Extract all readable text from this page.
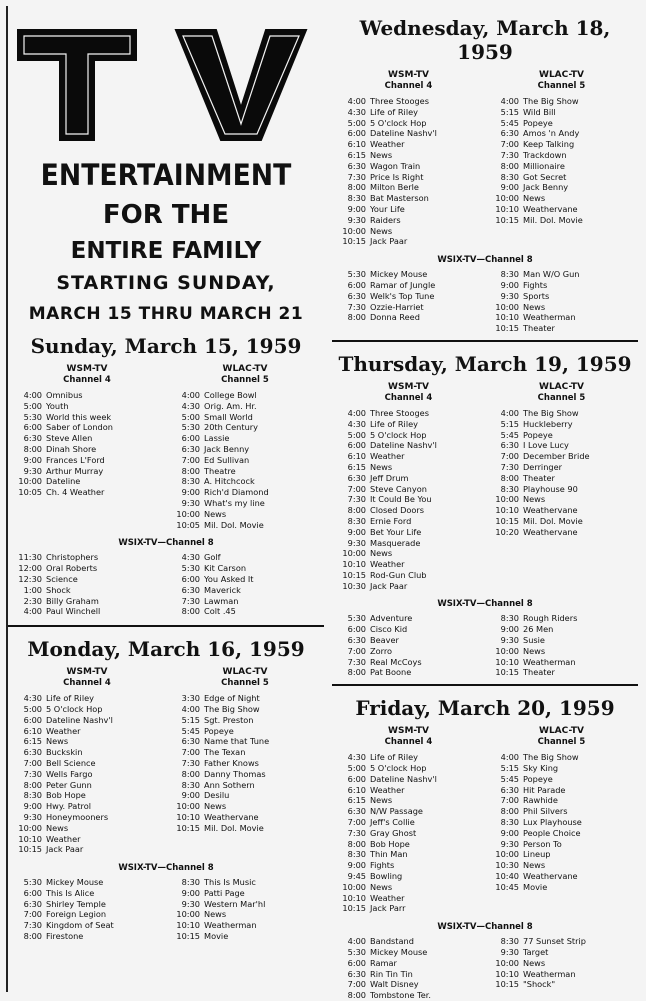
ENTERTAINMENT
FOR THE
ENTIRE FAMILY
STARTING SUNDAY,
MARCH 15 THRU MARCH 21
Sunday, March 15, 1959
WSM-TV
Channel 4
4:00 Omnibus
5:00 Youth
5:30 World this week
6:00 Saber of London
6:30 Steve Allen
8:00 Dinah Shore
9:00 Frances L'Ford
9:30 Arthur Murray
10:00 Dateline
10:05 Ch. 4 Weather
WLAC-TV
Channel 5
4:00 College Bowl
4:30 Orig. Am. Hr.
5:00 Small World
5:30 20th Century
6:00 Lassie
6:30 Jack Benny
7:00 Ed Sullivan
8:00 Theatre
8:30 A. Hitchcock
9:00 Rich'd Diamond
9:30 What's my line
10:00 News
10:05 Mil. Dol. Movie
WSIX-TV—Channel 8
11:30 Christophers
12:00 Oral Roberts
12:30 Science
1:00 Shock
2:30 Billy Graham
4:00 Paul Winchell
4:30 Golf
5:30 Kit Carson
6:00 You Asked It
6:30 Maverick
7:30 Lawman
8:00 Colt .45
Monday, March 16, 1959
WSM-TV
Channel 4
4:30 Life of Riley
5:00 5 O'clock Hop
6:00 Dateline Nashv'l
6:10 Weather
6:15 News
6:30 Buckskin
7:00 Bell Science
7:30 Wells Fargo
8:00 Peter Gunn
8:30 Bob Hope
9:00 Hwy. Patrol
9:30 Honeymooners
10:00 News
10:10 Weather
10:15 Jack Paar
WLAC-TV
Channel 5
3:30 Edge of Night
4:00 The Big Show
5:15 Sgt. Preston
5:45 Popeye
6:30 Name that Tune
7:00 The Texan
7:30 Father Knows
8:00 Danny Thomas
8:30 Ann Sothern
9:00 Desilu
10:00 News
10:10 Weathervane
10:15 Mil. Dol. Movie
WSIX-TV—Channel 8
5:30 Mickey Mouse
6:00 This Is Alice
6:30 Shirley Temple
7:00 Foreign Legion
7:30 Kingdom of Seat
8:00 Firestone
8:30 This Is Music
9:00 Patti Page
9:30 Western Mar'hl
10:00 News
10:10 Weatherman
10:15 Movie
Wednesday, March 18, 1959
WSM-TV
Channel 4
4:00 Three Stooges
4:30 Life of Riley
5:00 5 O'clock Hop
6:00 Dateline Nashv'l
6:10 Weather
6:15 News
6:30 Wagon Train
7:30 Price Is Right
8:00 Milton Berle
8:30 Bat Masterson
9:00 Your Life
9:30 Raiders
10:00 News
10:15 Jack Paar
WLAC-TV
Channel 5
4:00 The Big Show
5:15 Wild Bill
5:45 Popeye
6:30 Amos 'n Andy
7:00 Keep Talking
7:30 Trackdown
8:00 Millionaire
8:30 Got Secret
9:00 Jack Benny
10:00 News
10:10 Weathervane
10:15 Mil. Dol. Movie
WSIX-TV—Channel 8
5:30 Mickey Mouse
6:00 Ramar of Jungle
6:30 Welk's Top Tune
7:30 Ozzie-Harriet
8:00 Donna Reed
8:30 Man W/O Gun
9:00 Fights
9:30 Sports
10:00 News
10:10 Weatherman
10:15 Theater
Thursday, March 19, 1959
WSM-TV
Channel 4
4:00 Three Stooges
4:30 Life of Riley
5:00 5 O'clock Hop
6:00 Dateline Nashv'l
6:10 Weather
6:15 News
6:30 Jeff Drum
7:00 Steve Canyon
7:30 It Could Be You
8:00 Closed Doors
8:30 Ernie Ford
9:00 Bet Your Life
9:30 Masquerade
10:00 News
10:10 Weather
10:15 Rod-Gun Club
10:30 Jack Paar
WLAC-TV
Channel 5
4:00 The Big Show
5:15 Huckleberry
5:45 Popeye
6:30 I Love Lucy
7:00 December Bride
7:30 Derringer
8:00 Theater
8:30 Playhouse 90
10:00 News
10:10 Weathervane
10:15 Mil. Dol. Movie
10:20 Weathervane
WSIX-TV—Channel 8
5:30 Adventure
6:00 Cisco Kid
6:30 Beaver
7:00 Zorro
7:30 Real McCoys
8:00 Pat Boone
8:30 Rough Riders
9:00 26 Men
9:30 Susie
10:00 News
10:10 Weatherman
10:15 Theater
Friday, March 20, 1959
WSM-TV
Channel 4
4:30 Life of Riley
5:00 5 O'clock Hop
6:00 Dateline Nashv'l
6:10 Weather
6:15 News
6:30 N/W Passage
7:00 Jeff's Collie
7:30 Gray Ghost
8:00 Bob Hope
8:30 Thin Man
9:00 Fights
9:45 Bowling
10:00 News
10:10 Weather
10:15 Jack Parr
WLAC-TV
Channel 5
4:00 The Big Show
5:15 Sky King
5:45 Popeye
6:30 Hit Parade
7:00 Rawhide
8:00 Phil Silvers
8:30 Lux Playhouse
9:00 People Choice
9:30 Person To
10:00 Lineup
10:30 News
10:40 Weathervane
10:45 Movie
WSIX-TV—Channel 8
4:00 Bandstand
5:30 Mickey Mouse
6:00 Ramar
6:30 Rin Tin Tin
7:00 Walt Disney
8:00 Tombstone Ter.
8:30 77 Sunset Strip
9:30 Target
10:00 News
10:10 Weatherman
10:15 "Shock"
